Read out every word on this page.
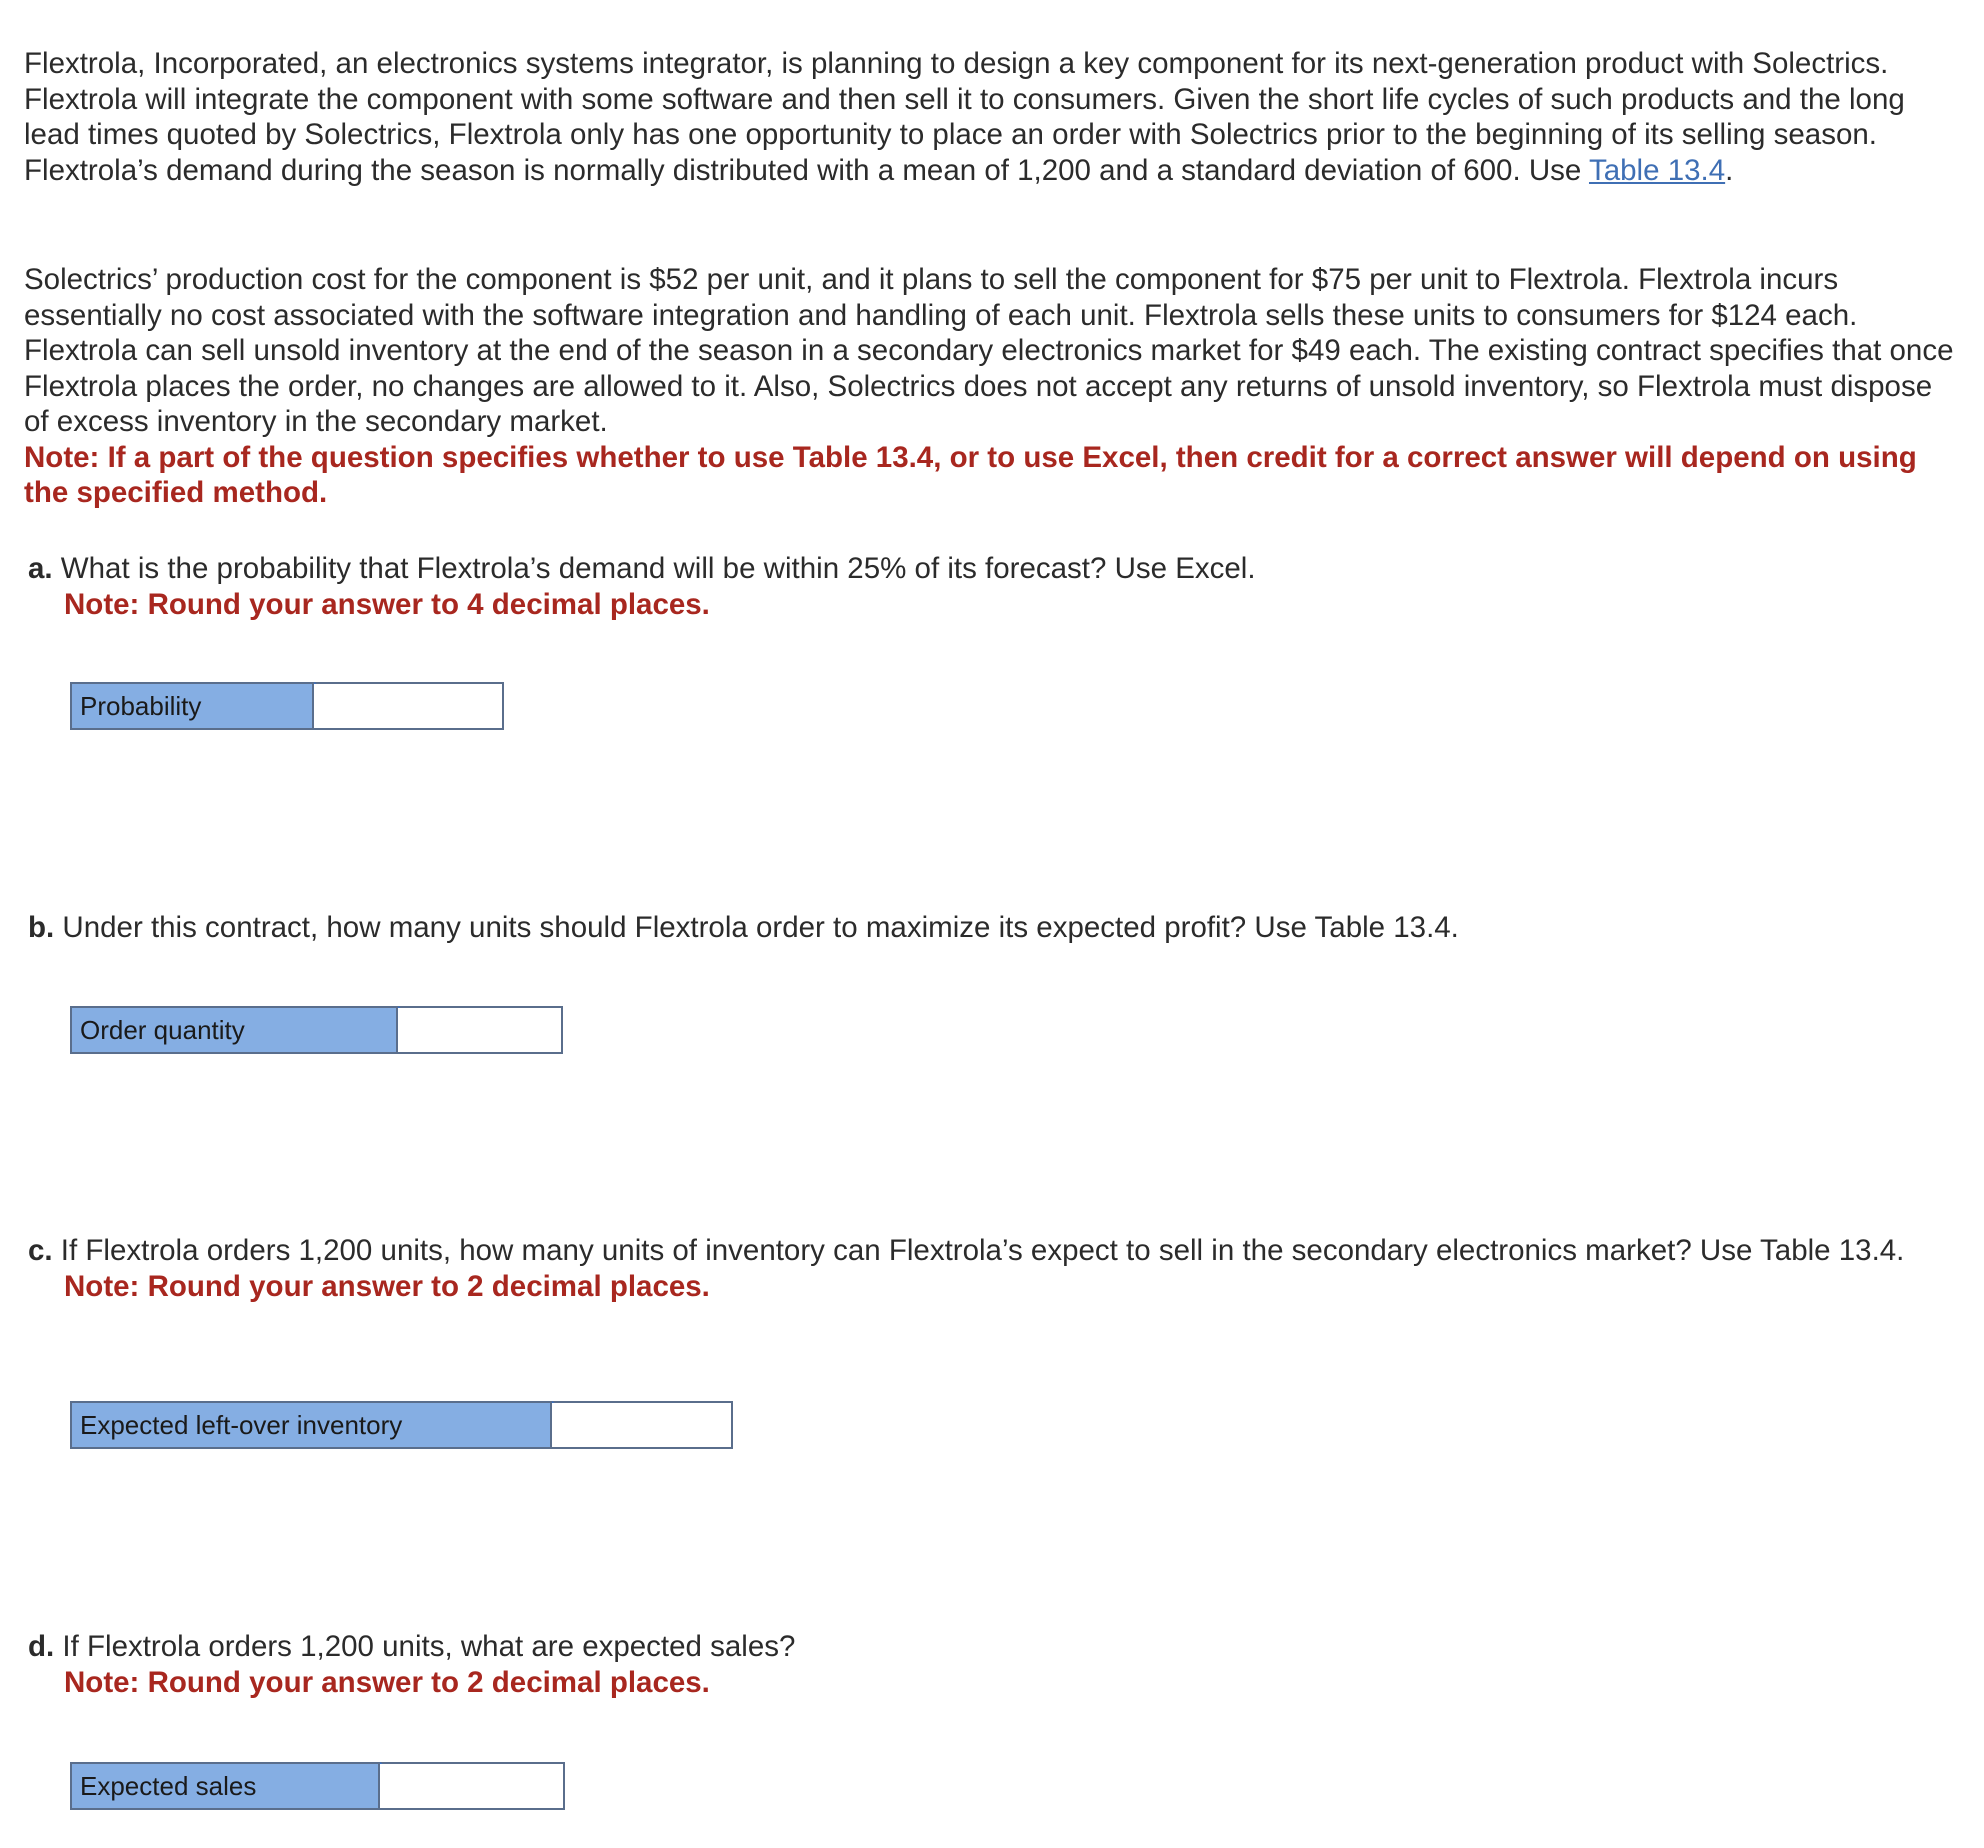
Flextrola, Incorporated, an electronics systems integrator, is planning to design a key component for its next-generation product with Solectrics. Flextrola will integrate the component with some software and then sell it to consumers. Given the short life cycles of such products and the long lead times quoted by Solectrics, Flextrola only has one opportunity to place an order with Solectrics prior to the beginning of its selling season. Flextrola’s demand during the season is normally distributed with a mean of 1,200 and a standard deviation of 600. Use Table 13.4.

Solectrics’ production cost for the component is $52 per unit, and it plans to sell the component for $75 per unit to Flextrola. Flextrola incurs essentially no cost associated with the software integration and handling of each unit. Flextrola sells these units to consumers for $124 each. Flextrola can sell unsold inventory at the end of the season in a secondary electronics market for $49 each. The existing contract specifies that once Flextrola places the order, no changes are allowed to it. Also, Solectrics does not accept any returns of unsold inventory, so Flextrola must dispose of excess inventory in the secondary market.
Note: If a part of the question specifies whether to use Table 13.4, or to use Excel, then credit for a correct answer will depend on using the specified method.

a. What is the probability that Flextrola’s demand will be within 25% of its forecast? Use Excel.
Note: Round your answer to 4 decimal places.
Probability
b. Under this contract, how many units should Flextrola order to maximize its expected profit? Use Table 13.4.
Order quantity
c. If Flextrola orders 1,200 units, how many units of inventory can Flextrola’s expect to sell in the secondary electronics market? Use Table 13.4.
Note: Round your answer to 2 decimal places.
Expected left-over inventory
d. If Flextrola orders 1,200 units, what are expected sales?
Note: Round your answer to 2 decimal places.
Expected sales
